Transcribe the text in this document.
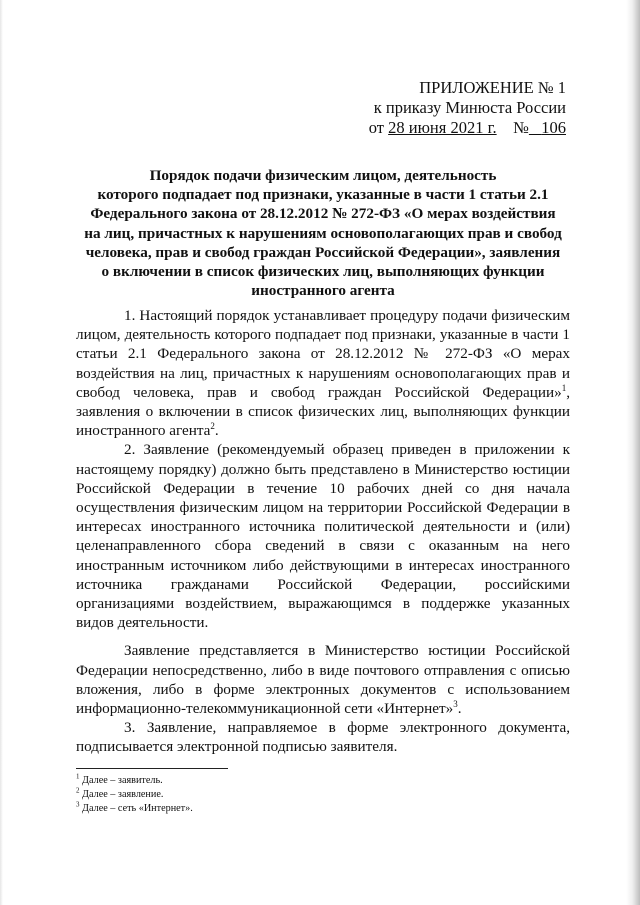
ПРИЛОЖЕНИЕ № 1
к приказу Минюста России
от 28 июня 2021 г. № 106
Порядок подачи физическим лицом, деятельность
которого подпадает под признаки, указанные в части 1 статьи 2.1
Федерального закона от 28.12.2012 № 272-ФЗ «О мерах воздействия
на лиц, причастных к нарушениям основополагающих прав и свобод
человека, прав и свобод граждан Российской Федерации», заявления
о включении в список физических лиц, выполняющих функции
иностранного агента

1. Настоящий порядок устанавливает процедуру подачи физическим лицом, деятельность которого подпадает под признаки, указанные в части 1 статьи 2.1 Федерального закона от 28.12.2012 № 272-ФЗ «О мерах воздействия на лиц, причастных к нарушениям основополагающих прав и свобод человека, прав и свобод граждан Российской Федерации»$^1$, заявления о включении в список физических лиц, выполняющих функции иностранного агента$^2$.

2. Заявление (рекомендуемый образец приведен в приложении к настоящему порядку) должно быть представлено в Министерство юстиции Российской Федерации в течение 10 рабочих дней со дня начала осуществления физическим лицом на территории Российской Федерации в интересах иностранного источника политической деятельности и (или) целенаправленного сбора сведений в связи с оказанным на него иностранным источником либо действующими в интересах иностранного источника гражданами Российской Федерации, российскими организациями воздействием, выражающимся в поддержке указанных видов деятельности.

Заявление представляется в Министерство юстиции Российской Федерации непосредственно, либо в виде почтового отправления с описью вложения, либо в форме электронных документов с использованием информационно-телекоммуникационной сети «Интернет»$^3$.

3. Заявление, направляемое в форме электронного документа, подписывается электронной подписью заявителя.

$^1$ Далее – заявитель.
$^2$ Далее – заявление.
$^3$ Далее – сеть «Интернет».
